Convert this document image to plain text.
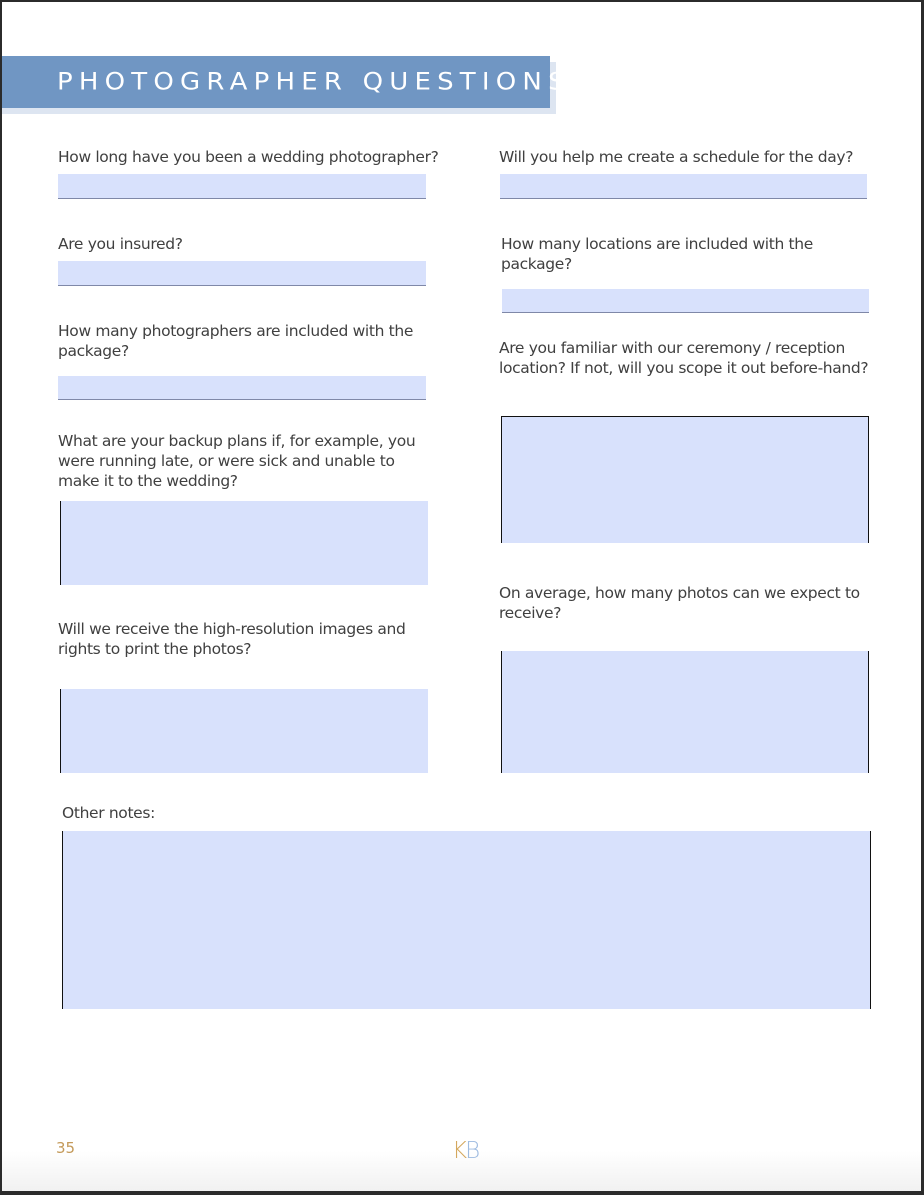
PHOTOGRAPHER QUESTIONS
How long have you been a wedding photographer?
Are you insured?
How many photographers are included with the package?
What are your backup plans if, for example, you were running late, or were sick and unable to make it to the wedding?
Will we receive the high-resolution images and rights to print the photos?
Will you help me create a schedule for the day?
How many locations are included with the package?
Are you familiar with our ceremony / reception location? If not, will you scope it out before-hand?
On average, how many photos can we expect to receive?
Other notes:
35	KB
